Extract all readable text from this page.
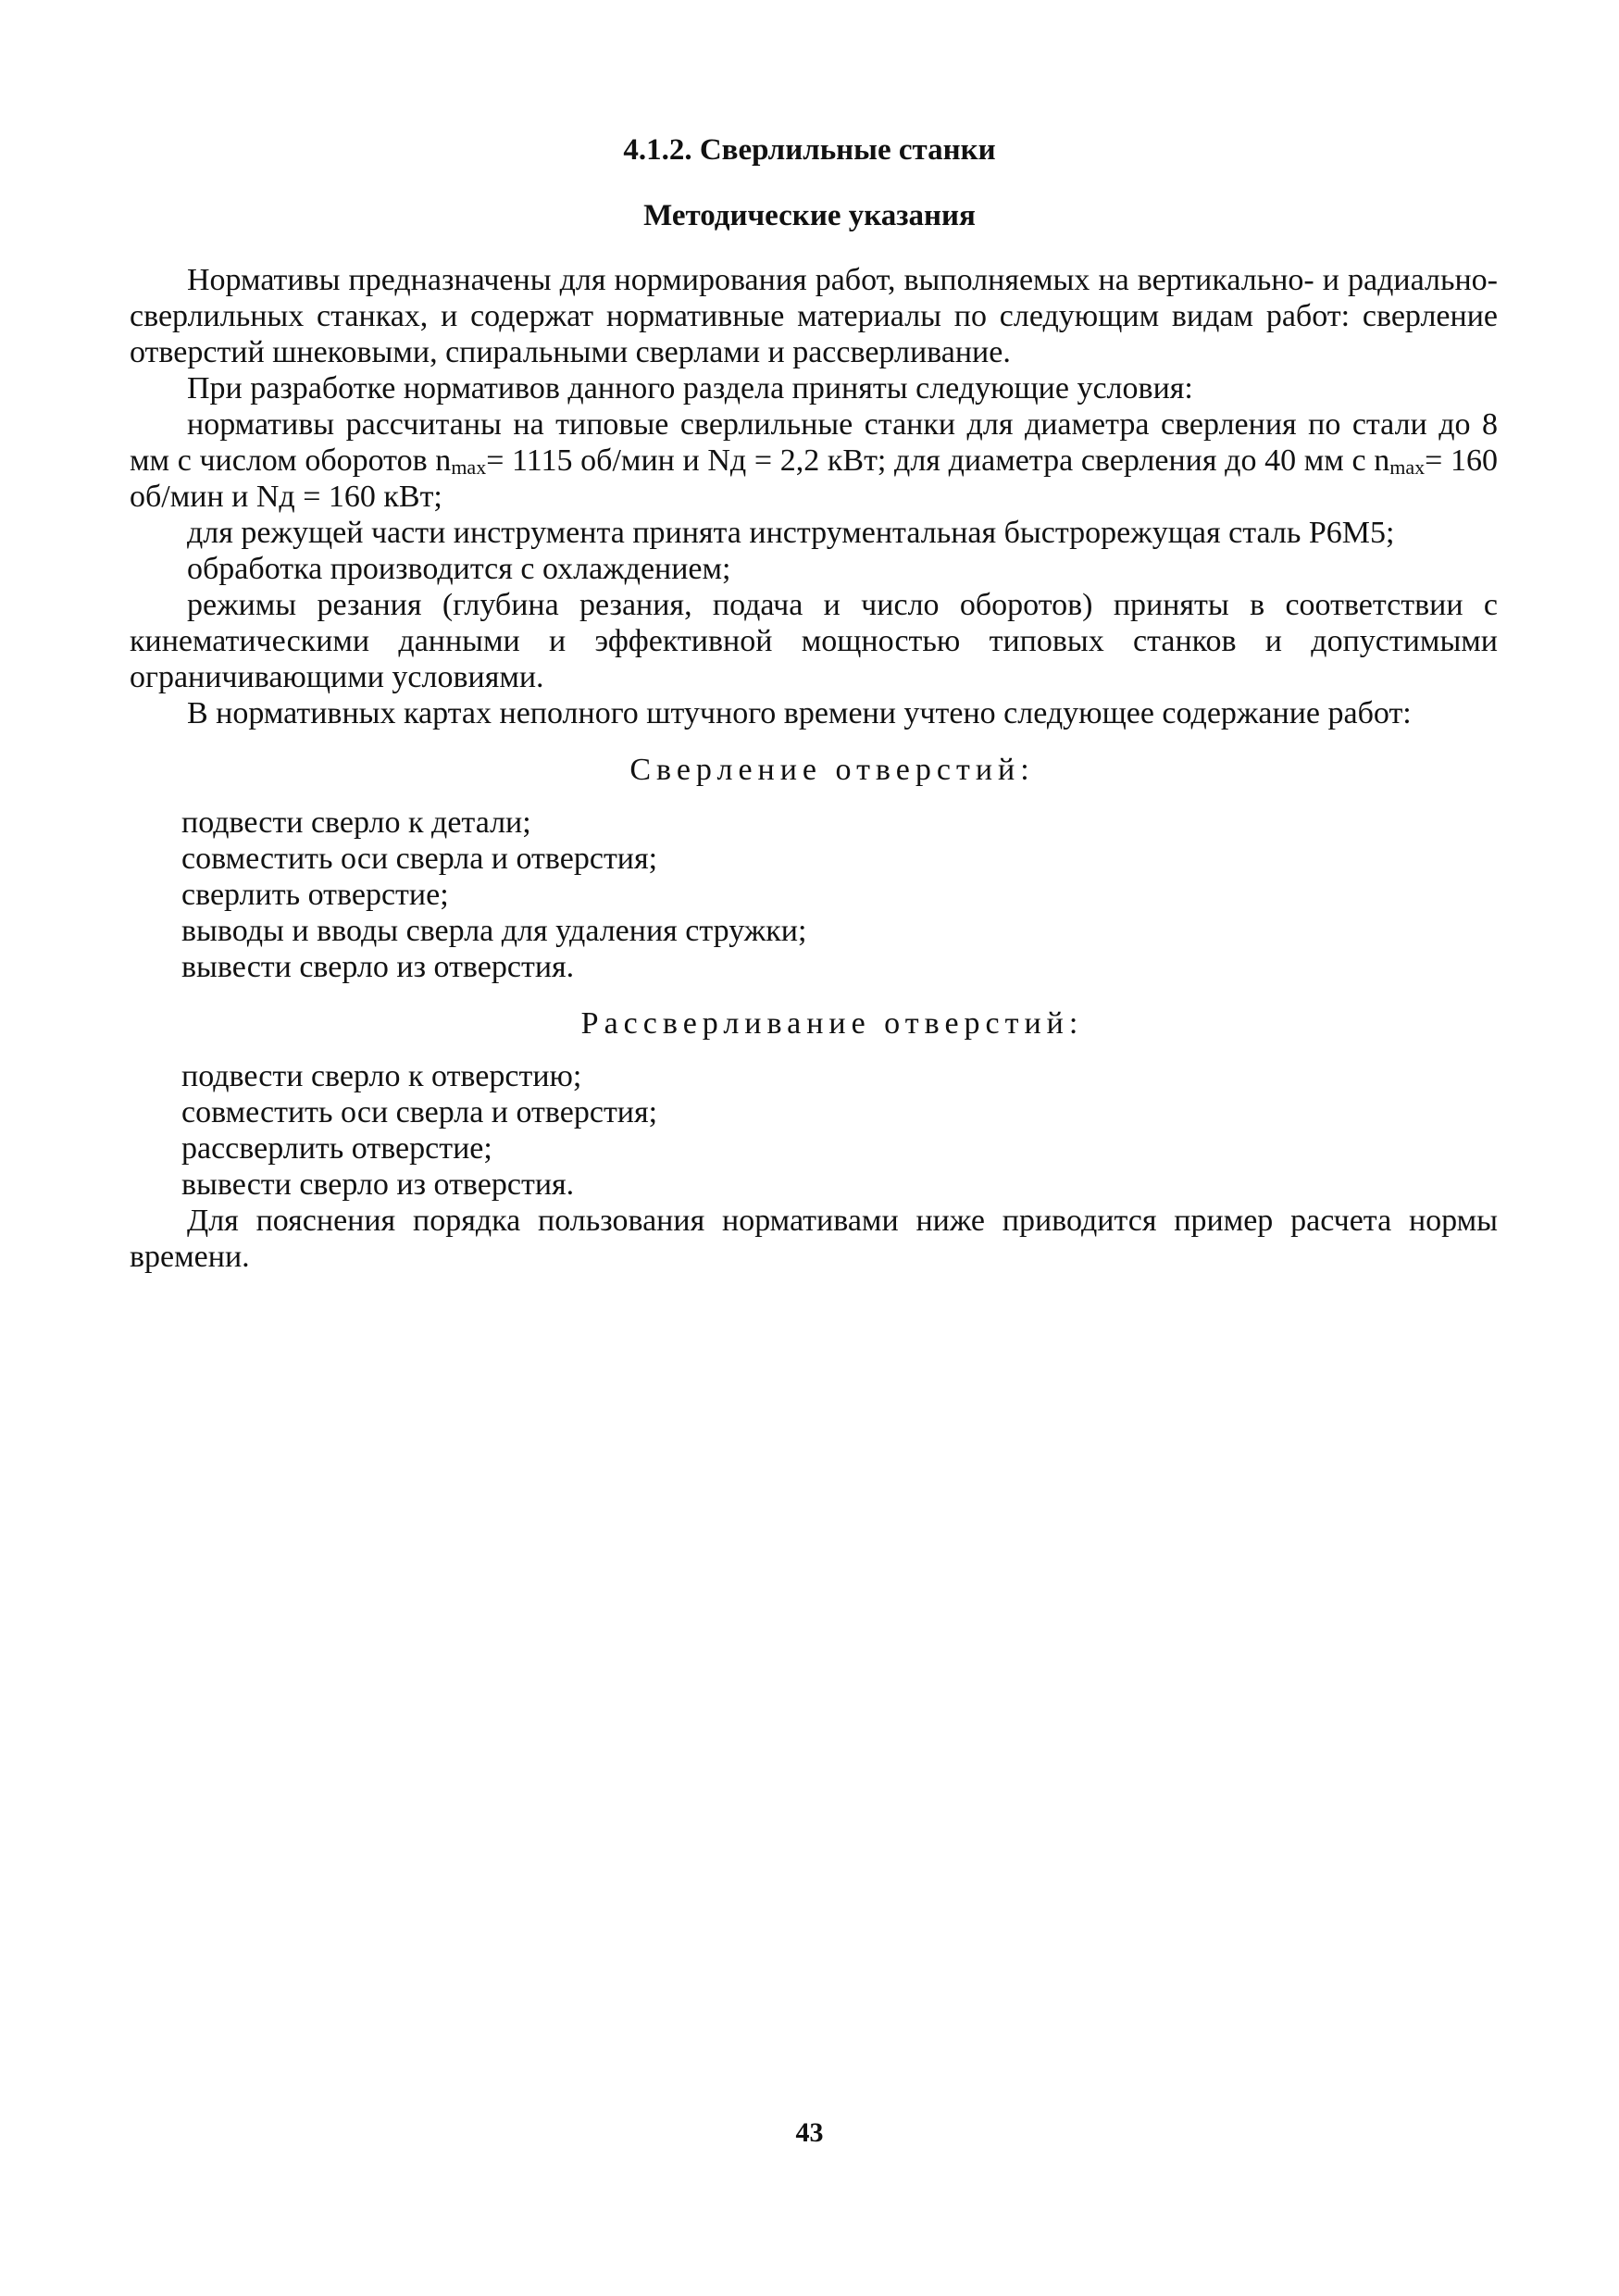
4.1.2. Сверлильные станки
Методические указания

Нормативы предназначены для нормирования работ, выполняемых на вертикально- и радиально-сверлильных станках, и содержат нормативные материалы по следующим видам работ: сверление отверстий шнековыми, спиральными сверлами и рассверливание.

При разработке нормативов данного раздела приняты следующие условия:

нормативы рассчитаны на типовые сверлильные станки для диаметра сверления по стали до 8 мм с числом оборотов $n_{max}= 1115$ об/мин и Nд = 2,2 кВт; для диаметра сверления до 40 мм с $n_{max}= 160$ об/мин и Nд = 160 кВт;

для режущей части инструмента принята инструментальная быстрорежущая сталь Р6М5;

обработка производится с охлаждением;

режимы резания (глубина резания, подача и число оборотов) приняты в соответствии с кинематическими данными и эффективной мощностью типовых станков и допустимыми ограничивающими условиями.

В нормативных картах неполного штучного времени учтено следующее содержание работ:

Сверление отверстий:
подвести сверло к детали;
совместить оси сверла и отверстия;
сверлить отверстие;
выводы и вводы сверла для удаления стружки;
вывести сверло из отверстия.
Рассверливание отверстий:
подвести сверло к отверстию;
совместить оси сверла и отверстия;
рассверлить отверстие;
вывести сверло из отверстия.

Для пояснения порядка пользования нормативами ниже приводится пример расчета нормы времени.

43
